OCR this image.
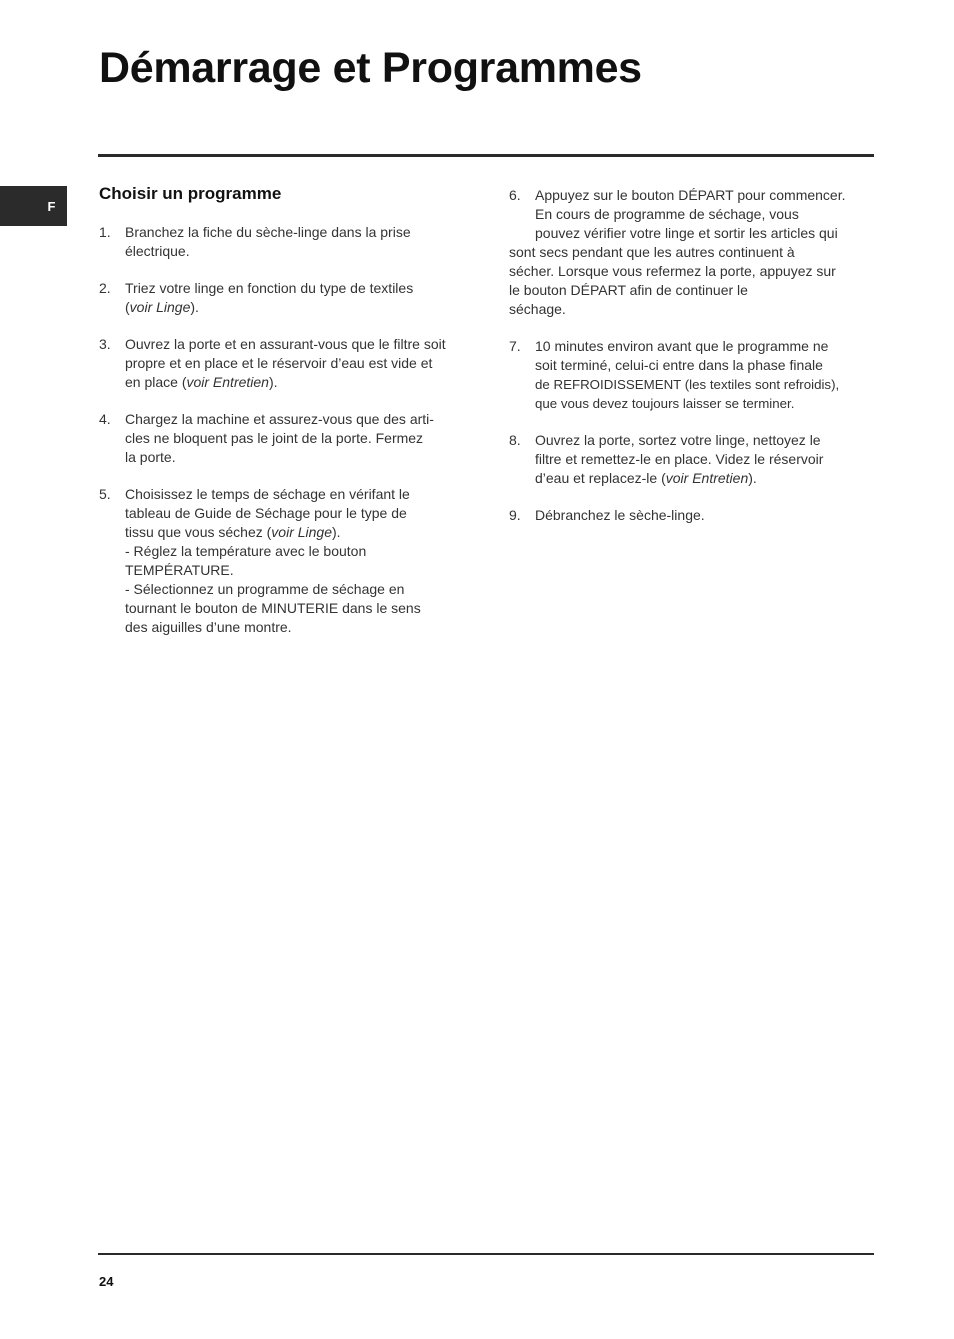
Démarrage et Programmes
F
Choisir un programme
1. Branchez la fiche du sèche-linge dans la prise
électrique.
2. Triez votre linge en fonction du type de textiles
(voir Linge).
3. Ouvrez la porte et en assurant-vous que le filtre soit
propre et en place et le réservoir d’eau est vide et
en place (voir Entretien).
4. Chargez la machine et assurez-vous que des arti-
cles ne bloquent pas le joint de la porte. Fermez
la porte.
5. Choisissez le temps de séchage en vérifant le
tableau de Guide de Séchage pour le type de
tissu que vous séchez (voir Linge).
- Réglez la température avec le bouton
TEMPÉRATURE.
- Sélectionnez un programme de séchage en
tournant le bouton de MINUTERIE dans le sens
des aiguilles d’une montre.
6. Appuyez sur le bouton DÉPART pour commencer.
En cours de programme de séchage, vous
pouvez vérifier votre linge et sortir les articles qui
sont secs pendant que les autres continuent à
sécher. Lorsque vous refermez la porte, appuyez sur
le bouton DÉPART afin de continuer le
séchage.
7. 10 minutes environ avant que le programme ne
soit terminé, celui-ci entre dans la phase finale
de REFROIDISSEMENT (les textiles sont refroidis),
que vous devez toujours laisser se terminer.
8. Ouvrez la porte, sortez votre linge, nettoyez le
filtre et remettez-le en place. Videz le réservoir
d’eau et replacez-le (voir Entretien).
9. Débranchez le sèche-linge.
24
